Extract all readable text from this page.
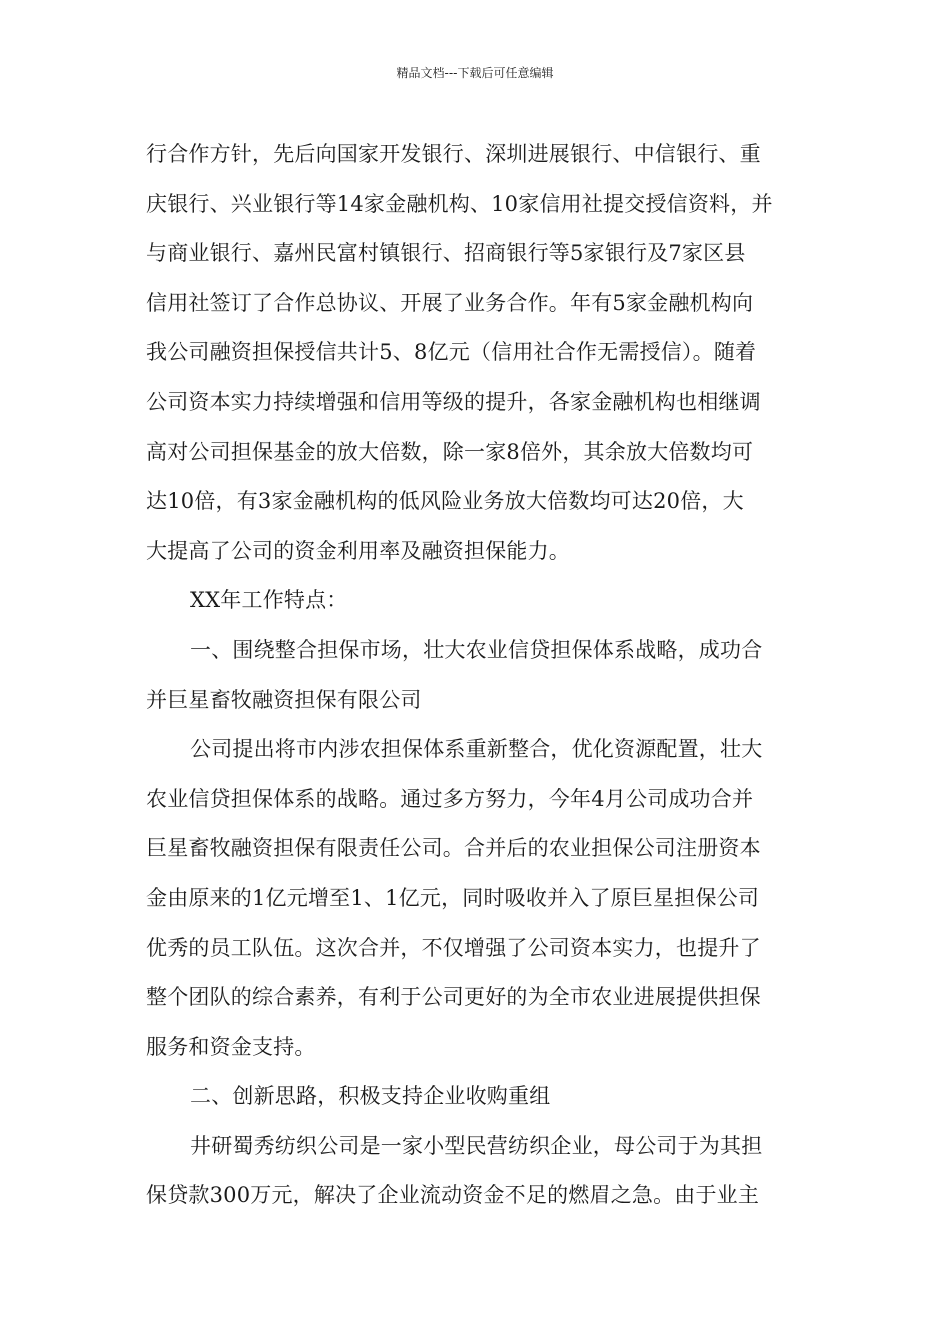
精品文档---下载后可任意编辑
行合作方针，先后向国家开发银行、深圳进展银行、中信银行、重
庆银行、兴业银行等14家金融机构、10家信用社提交授信资料，并
与商业银行、嘉州民富村镇银行、招商银行等5家银行及7家区县
信用社签订了合作总协议、开展了业务合作。年有5家金融机构向
我公司融资担保授信共计5、8亿元（信用社合作无需授信）。随着
公司资本实力持续增强和信用等级的提升，各家金融机构也相继调
高对公司担保基金的放大倍数，除一家8倍外，其余放大倍数均可
达10倍，有3家金融机构的低风险业务放大倍数均可达20倍，大
大提高了公司的资金利用率及融资担保能力。
XX年工作特点：
一、围绕整合担保市场，壮大农业信贷担保体系战略，成功合
并巨星畜牧融资担保有限公司
公司提出将市内涉农担保体系重新整合，优化资源配置，壮大
农业信贷担保体系的战略。通过多方努力，今年4月公司成功合并
巨星畜牧融资担保有限责任公司。合并后的农业担保公司注册资本
金由原来的1亿元增至1、1亿元，同时吸收并入了原巨星担保公司
优秀的员工队伍。这次合并，不仅增强了公司资本实力，也提升了
整个团队的综合素养，有利于公司更好的为全市农业进展提供担保
服务和资金支持。
二、创新思路，积极支持企业收购重组
井研蜀秀纺织公司是一家小型民营纺织企业，母公司于为其担
保贷款300万元，解决了企业流动资金不足的燃眉之急。由于业主
